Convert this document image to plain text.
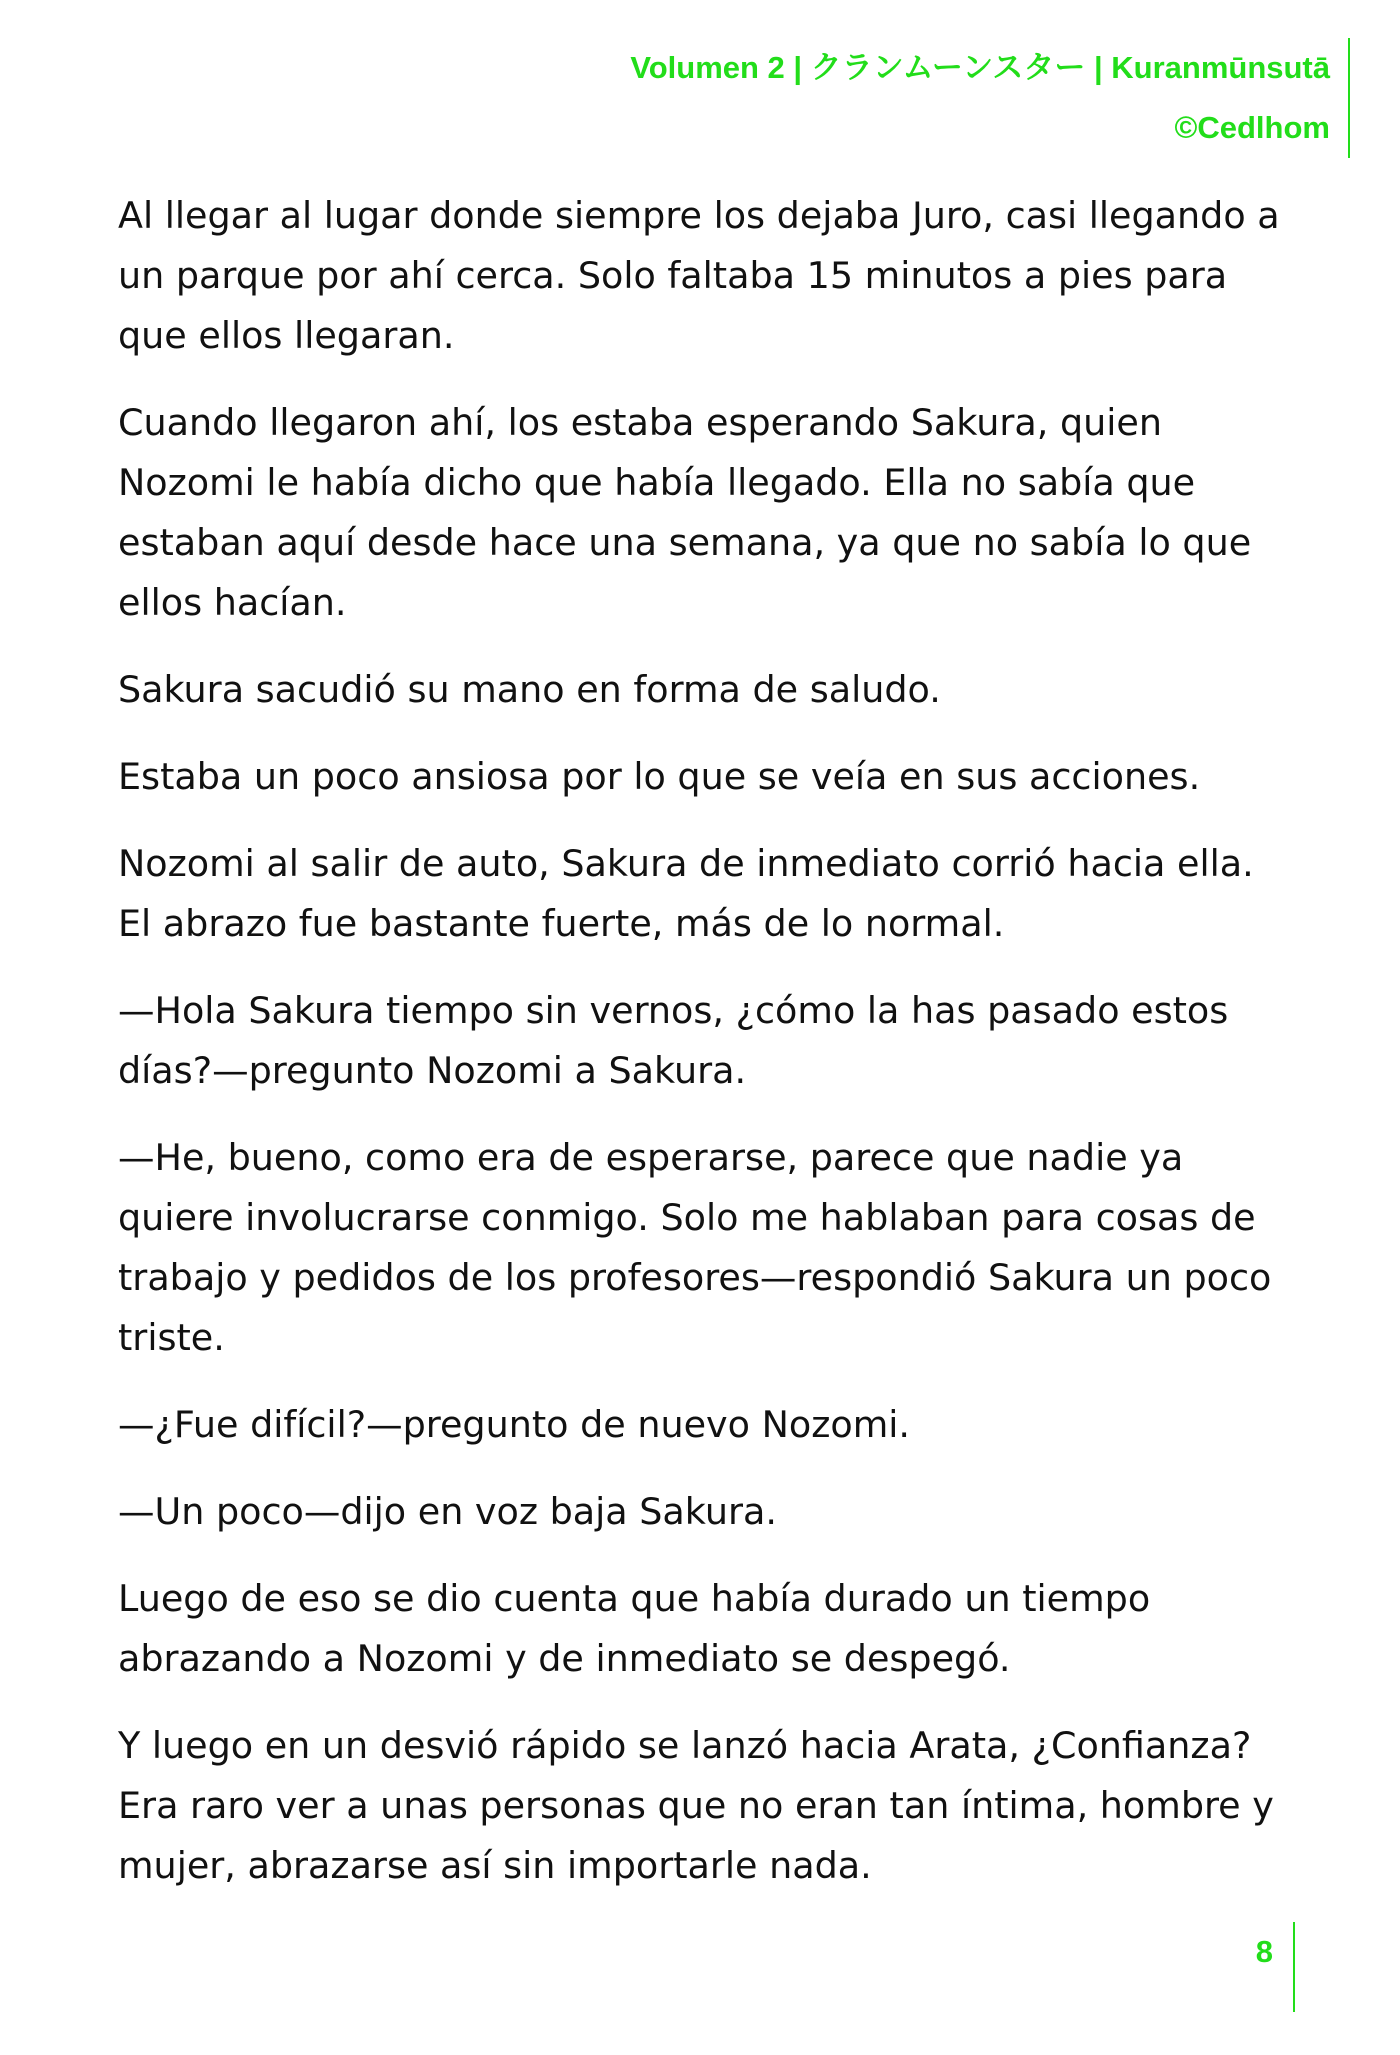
Volumen 2 | クランムーンスター | Kuranmūnsutā
©Cedlhom

Al llegar al lugar donde siempre los dejaba Juro, casi llegando a un parque por ahí cerca. Solo faltaba 15 minutos a pies para que ellos llegaran.

Cuando llegaron ahí, los estaba esperando Sakura, quien Nozomi le había dicho que había llegado. Ella no sabía que estaban aquí desde hace una semana, ya que no sabía lo que ellos hacían.

Sakura sacudió su mano en forma de saludo.

Estaba un poco ansiosa por lo que se veía en sus acciones.

Nozomi al salir de auto, Sakura de inmediato corrió hacia ella. El abrazo fue bastante fuerte, más de lo normal.

—Hola Sakura tiempo sin vernos, ¿cómo la has pasado estos días?—pregunto Nozomi a Sakura.

—He, bueno, como era de esperarse, parece que nadie ya quiere involucrarse conmigo. Solo me hablaban para cosas de trabajo y pedidos de los profesores—respondió Sakura un poco triste.

—¿Fue difícil?—pregunto de nuevo Nozomi.

—Un poco—dijo en voz baja Sakura.

Luego de eso se dio cuenta que había durado un tiempo abrazando a Nozomi y de inmediato se despegó.

Y luego en un desvió rápido se lanzó hacia Arata, ¿Confianza? Era raro ver a unas personas que no eran tan íntima, hombre y mujer, abrazarse así sin importarle nada.

8
